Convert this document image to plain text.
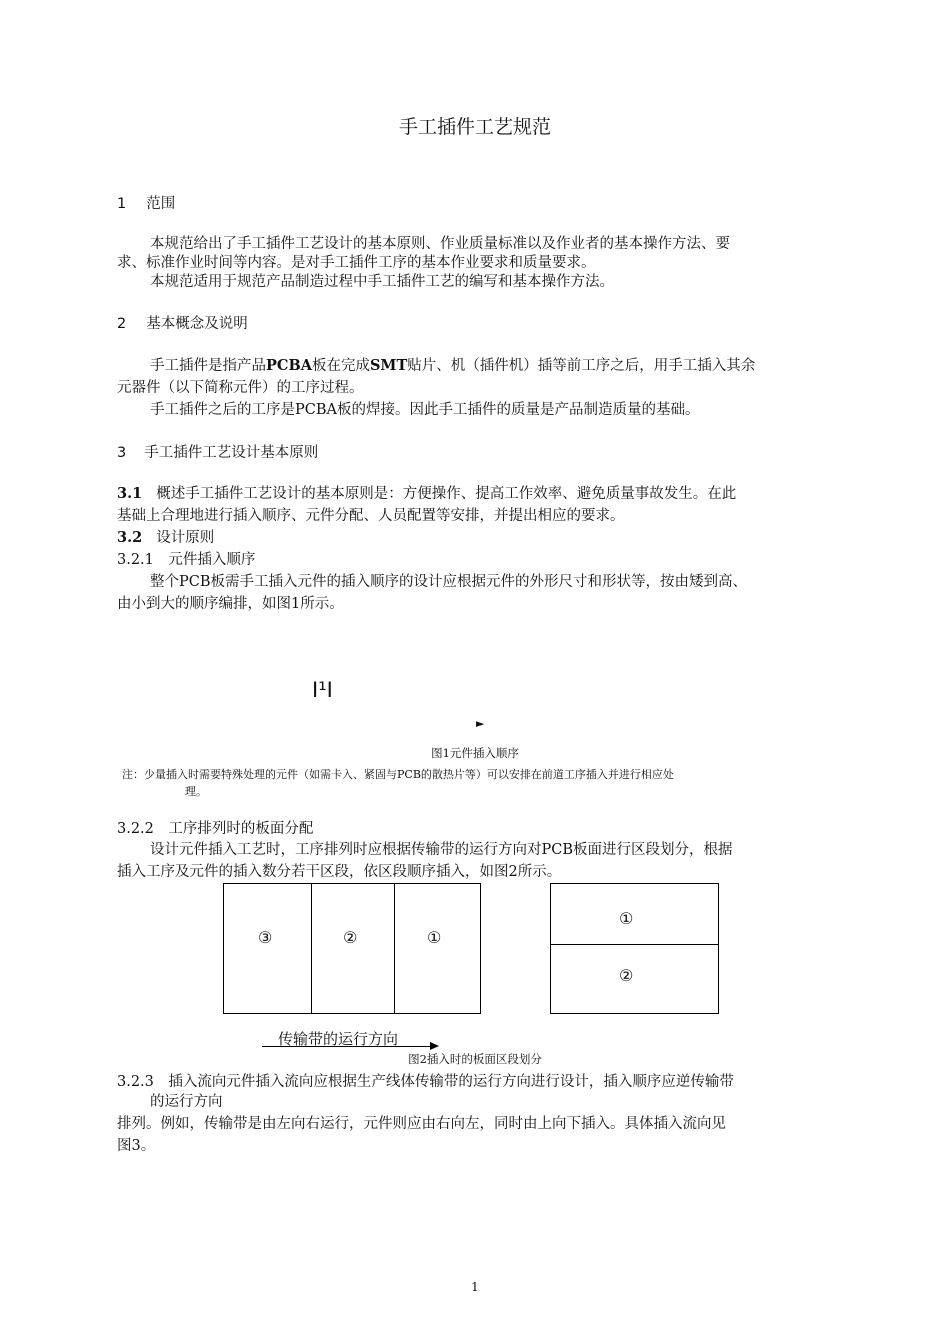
手工插件工艺规范
1 范围
本规范给出了手工插件工艺设计的基本原则、作业质量标准以及作业者的基本操作方法、要
求、标准作业时间等内容。是对手工插件工序的基本作业要求和质量要求。
本规范适用于规范产品制造过程中手工插件工艺的编写和基本操作方法。
2 基本概念及说明
手工插件是指产品PCBA板在完成SMT贴片、机（插件机）插等前工序之后，用手工插入其余
元器件（以下简称元件）的工序过程。
手工插件之后的工序是PCBA板的焊接。因此手工插件的质量是产品制造质量的基础。
3 手工插件工艺设计基本原则
3.1 概述手工插件工艺设计的基本原则是：方便操作、提高工作效率、避免质量事故发生。在此
基础上合理地进行插入顺序、元件分配、人员配置等安排，并提出相应的要求。
3.2 设计原则
3.2.1　元件插入顺序
整个PCB板需手工插入元件的插入顺序的设计应根据元件的外形尺寸和形状等，按由矮到高、
由小到大的顺序编排，如图1所示。
I¹I
►
图1元件插入顺序
注：少量插入时需要特殊处理的元件（如需卡入、紧固与PCB的散热片等）可以安排在前道工序插入并进行相应处
理。
3.2.2　工序排列时的板面分配
设计元件插入工艺时，工序排列时应根据传输带的运行方向对PCB板面进行区段划分，根据
插入工序及元件的插入数分若干区段，依区段顺序插入，如图2所示。
③	②	①
①
②
传输带的运行方向
图2插入时的板面区段划分
3.2.3　插入流向元件插入流向应根据生产线体传输带的运行方向进行设计，插入顺序应逆传输带
的运行方向
排列。例如，传输带是由左向右运行，元件则应由右向左，同时由上向下插入。具体插入流向见
图3。
1
